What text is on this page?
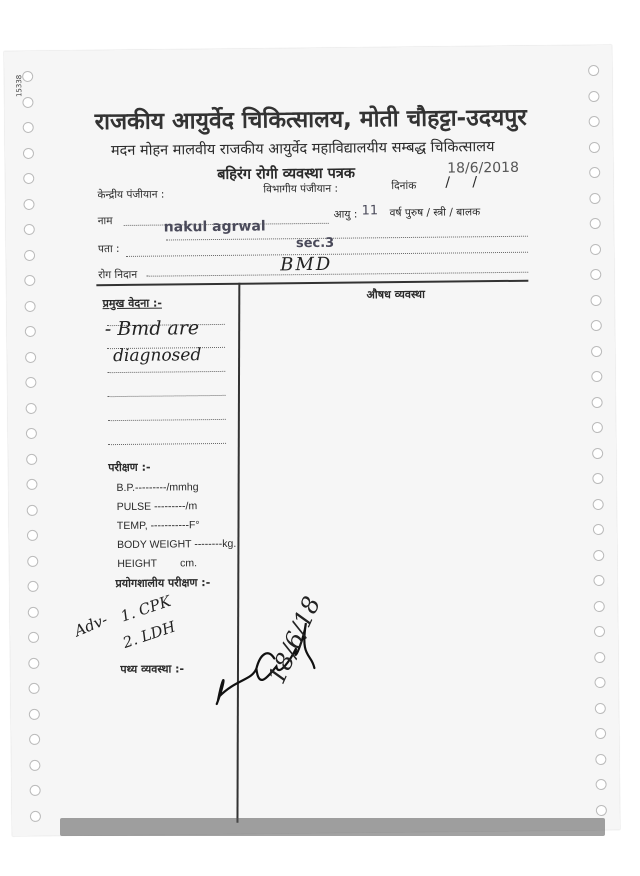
15338
राजकीय आयुर्वेद चिकित्सालय, मोती चौहट्टा-उदयपुर
मदन मोहन मालवीय राजकीय आयुर्वेद महाविद्यालयीय सम्बद्ध चिकित्सालय
बहिरंग रोगी व्यवस्था पत्रक
केन्द्रीय पंजीयान :	विभागीय पंजीयान :	दिनांक
18/6/2018
/     /
नाम	nakul agrwal
आयु : 11 वर्ष पुरुष / स्त्री / बालक
पता :	sec.3
रोग निदान	BMD
औषध व्यवस्था
प्रमुख वेदना :-
- Bmd are
diagnosed
परीक्षण :-
B.P.---------/mmhg
PULSE ---------/m
TEMP, -----------F°
BODY WEIGHT --------kg.
HEIGHT        cm.
प्रयोगशालीय परीक्षण :-
Adv- 1. CPK
2. LDH
पथ्य व्यवस्था :-	18/6/18
